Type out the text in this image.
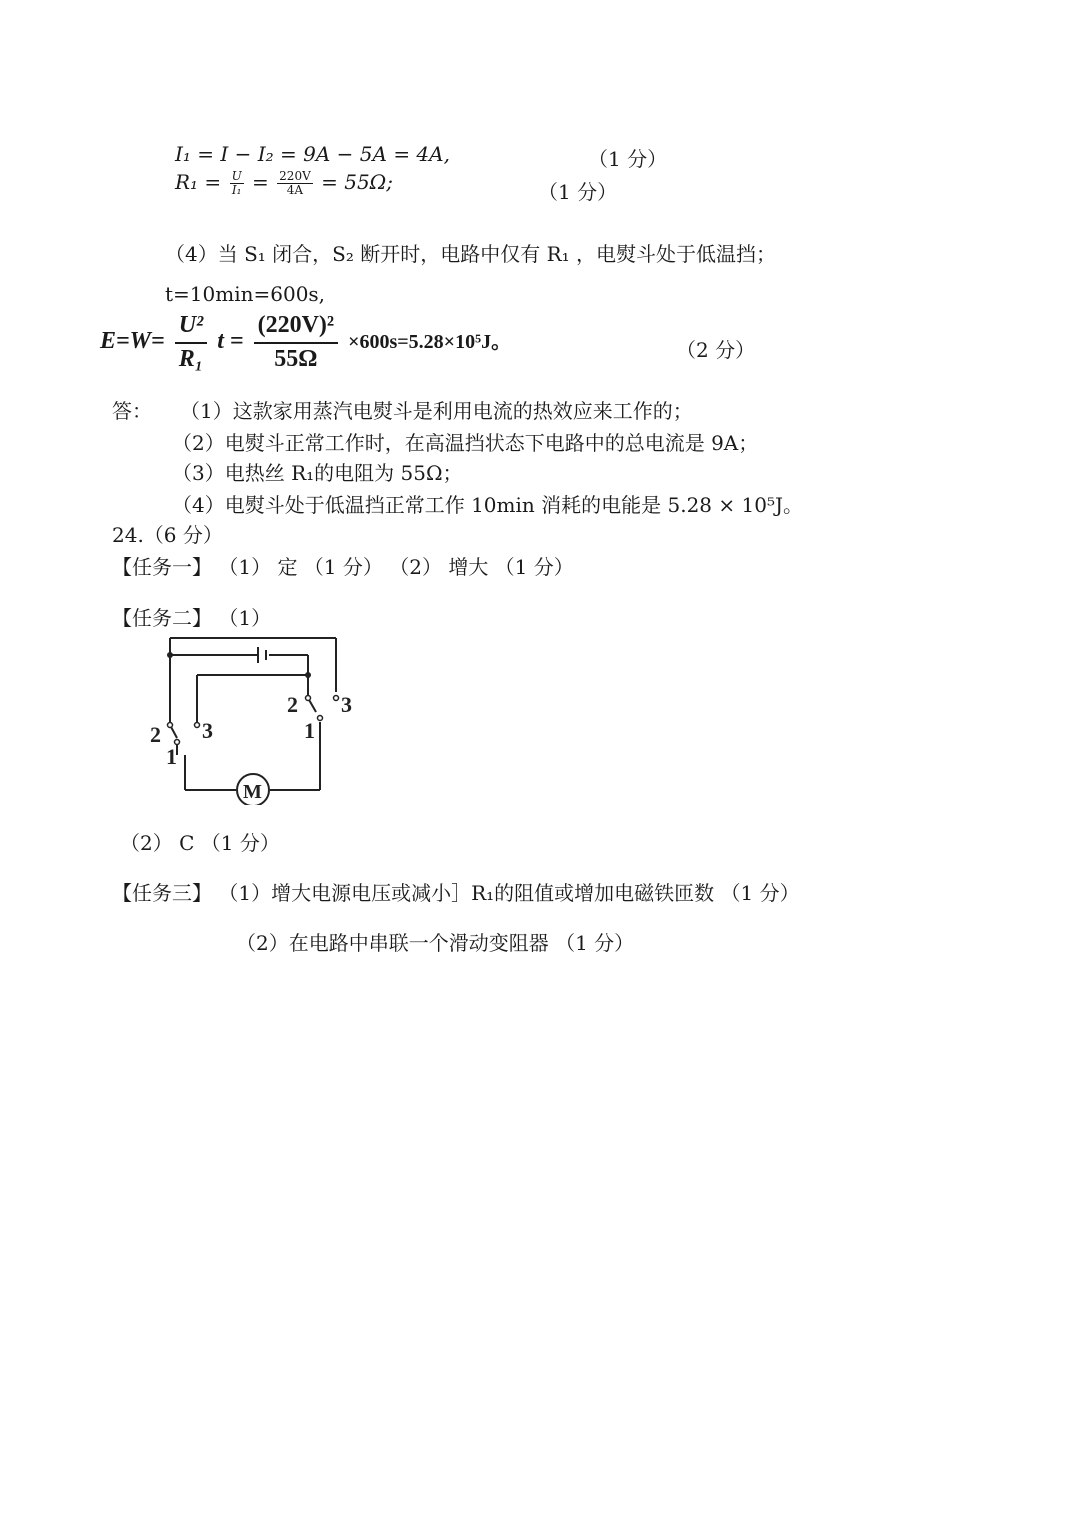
I₁ = I − I₂ = 9A − 5A = 4A,	（1 分）
$R_1 = \frac{U}{\text{I₁}} = \frac{220V}{4A} = 55\Omega$;	（1 分）
（4）当 S₁ 闭合，S₂ 断开时，电路中仅有 R₁ ，电熨斗处于低温挡；
t=10min=600s,
$E=W= \frac{\text{U²}}{\text{R₁}}$ $t = \frac{\text{(220V)²}}{55\Omega} \times 600s=5.28\times 10^5J$。	（2 分）
答： （1）这款家用蒸汽电熨斗是利用电流的热效应来工作的；
（2）电熨斗正常工作时，在高温挡状态下电路中的总电流是 9A；
（3）电热丝 R₁的电阻为 55Ω；
（4）电熨斗处于低温挡正常工作 10min 消耗的电能是 5.28 × 10⁵J。
24.（6 分）
【任务一】 （1） 定 （1 分） （2） 增大 （1 分）
【任务二】 （1）
2
1
3
2
1
3
M
（2） C （1 分）
【任务三】 （1）增大电源电压或减小］R₁的阻值或增加电磁铁匝数 （1 分）
（2）在电路中串联一个滑动变阻器 （1 分）
